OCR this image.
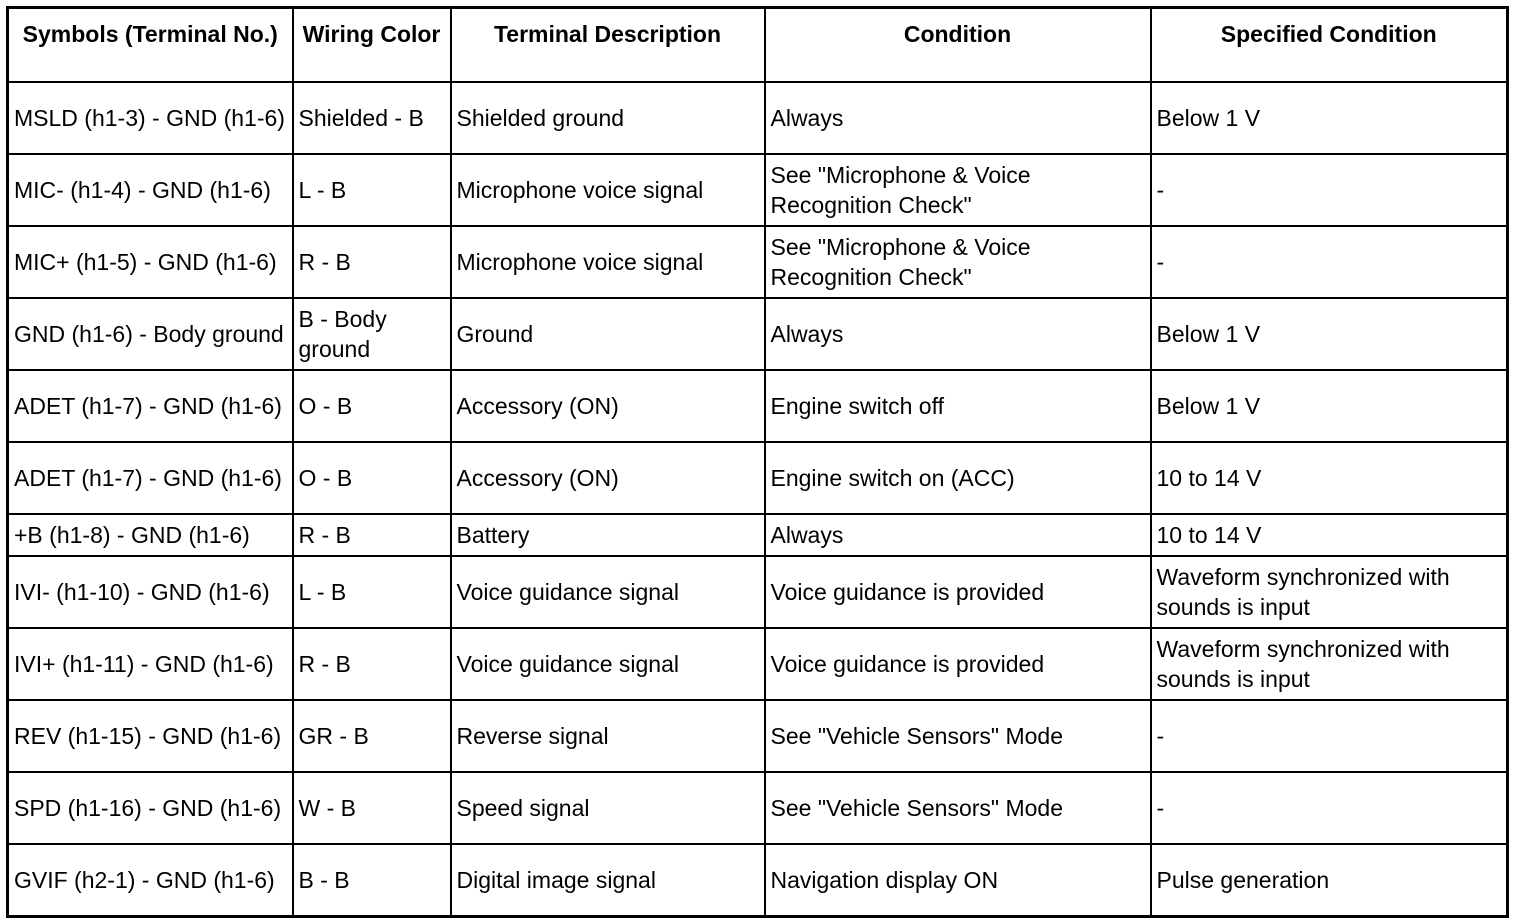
Symbols (Terminal No.)	Wiring Color	Terminal Description	Condition	Specified Condition
MSLD (h1-3) - GND (h1-6)	Shielded - B	Shielded ground	Always	Below 1 V
MIC- (h1-4) - GND (h1-6)	L - B	Microphone voice signal	See "Microphone & Voice Recognition Check"	-
MIC+ (h1-5) - GND (h1-6)	R - B	Microphone voice signal	See "Microphone & Voice Recognition Check"	-
GND (h1-6) - Body ground	B - Body ground	Ground	Always	Below 1 V
ADET (h1-7) - GND (h1-6)	O - B	Accessory (ON)	Engine switch off	Below 1 V
ADET (h1-7) - GND (h1-6)	O - B	Accessory (ON)	Engine switch on (ACC)	10 to 14 V
+B (h1-8) - GND (h1-6)	R - B	Battery	Always	10 to 14 V
IVI- (h1-10) - GND (h1-6)	L - B	Voice guidance signal	Voice guidance is provided	Waveform synchronized with sounds is input
IVI+ (h1-11) - GND (h1-6)	R - B	Voice guidance signal	Voice guidance is provided	Waveform synchronized with sounds is input
REV (h1-15) - GND (h1-6)	GR - B	Reverse signal	See "Vehicle Sensors" Mode	-
SPD (h1-16) - GND (h1-6)	W - B	Speed signal	See "Vehicle Sensors" Mode	-
GVIF (h2-1) - GND (h1-6)	B - B	Digital image signal	Navigation display ON	Pulse generation
